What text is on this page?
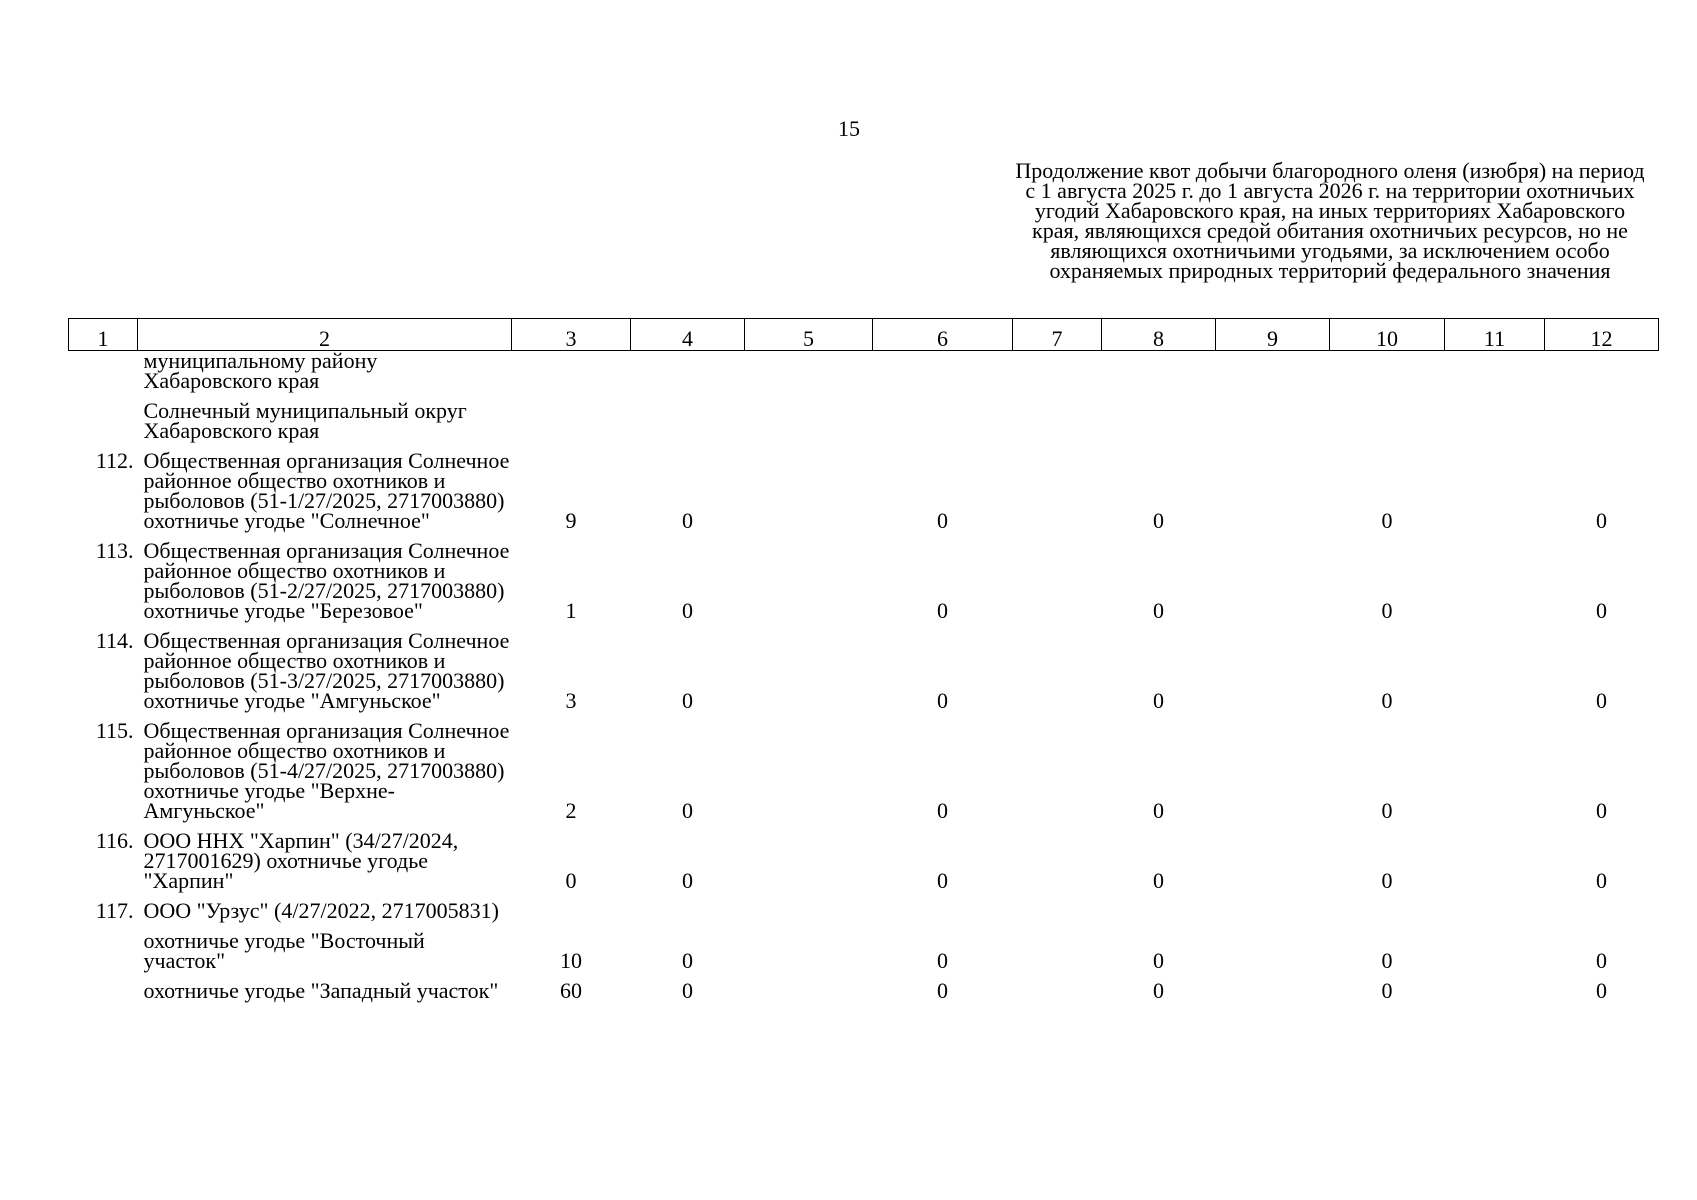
15
Продолжение квот добычи благородного оленя (изюбря) на период с 1 августа 2025 г. до 1 августа 2026 г. на территории охотничьих угодий Хабаровского края, на иных территориях Хабаровского края, являющихся средой обитания охотничьих ресурсов, но не являющихся охотничьими угодьями, за исключением особо охраняемых природных территорий федерального значения
1	2	3	4	5	6	7	8	9	10	11	12
	муниципальному району Хабаровского края										
	Солнечный муниципальный округ Хабаровского края										
112.	Общественная организация Солнечное районное общество охотников и рыболовов (51-1/27/2025, 2717003880) охотничье угодье "Солнечное"	9	0		0		0		0		0
113.	Общественная организация Солнечное районное общество охотников и рыболовов (51-2/27/2025, 2717003880) охотничье угодье "Березовое"	1	0		0		0		0		0
114.	Общественная организация Солнечное районное общество охотников и рыболовов (51-3/27/2025, 2717003880) охотничье угодье "Амгуньское"	3	0		0		0		0		0
115.	Общественная организация Солнечное районное общество охотников и рыболовов (51-4/27/2025, 2717003880) охотничье угодье "Верхне-Амгуньское"	2	0		0		0		0		0
116.	ООО ННХ "Харпин" (34/27/2024, 2717001629) охотничье угодье "Харпин"	0	0		0		0		0		0
117.	ООО "Урзус" (4/27/2022, 2717005831)										
	охотничье угодье "Восточный участок"	10	0		0		0		0		0
	охотничье угодье "Западный участок"	60	0		0		0		0		0
